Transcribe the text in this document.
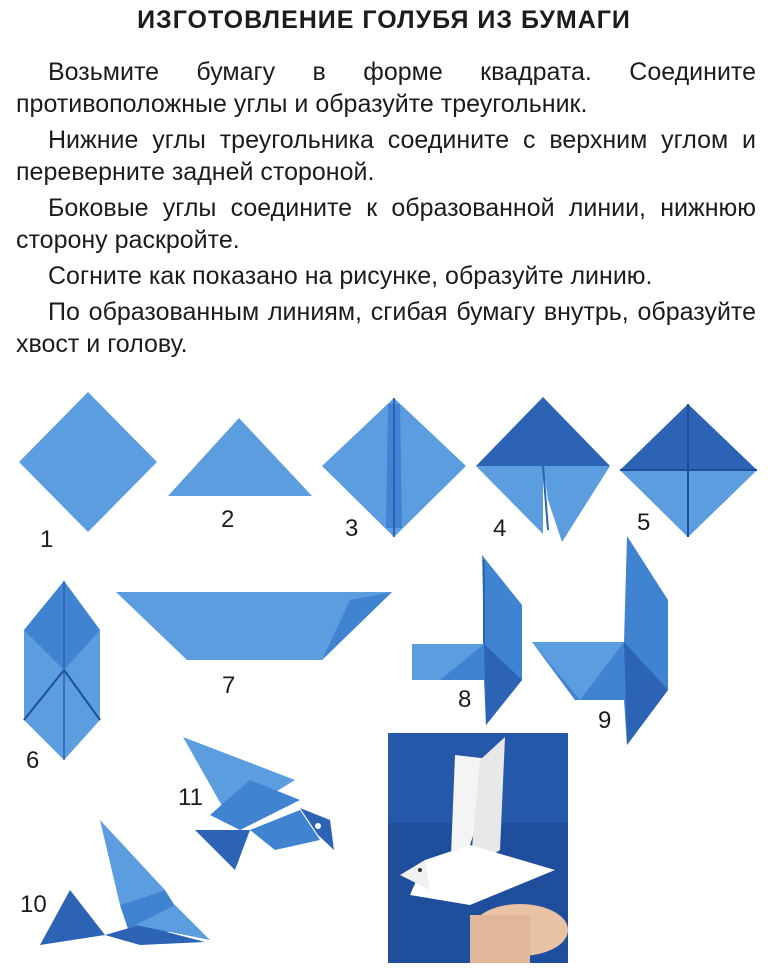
ИЗГОТОВЛЕНИЕ ГОЛУБЯ ИЗ БУМАГИ

Возьмите бумагу в форме квадрата. Соедините противоположные углы и образуйте треугольник.

Нижние углы треугольника соедините с верхним углом и переверните задней стороной.

Боковые углы соедините к образованной линии, нижнюю сторону раскройте.

Согните как показано на рисунке, образуйте линию.

По образованным линиям, сгибая бумагу внутрь, образуйте хвост и голову.

1
2	3	4	5
6
7
8
9
11
10
